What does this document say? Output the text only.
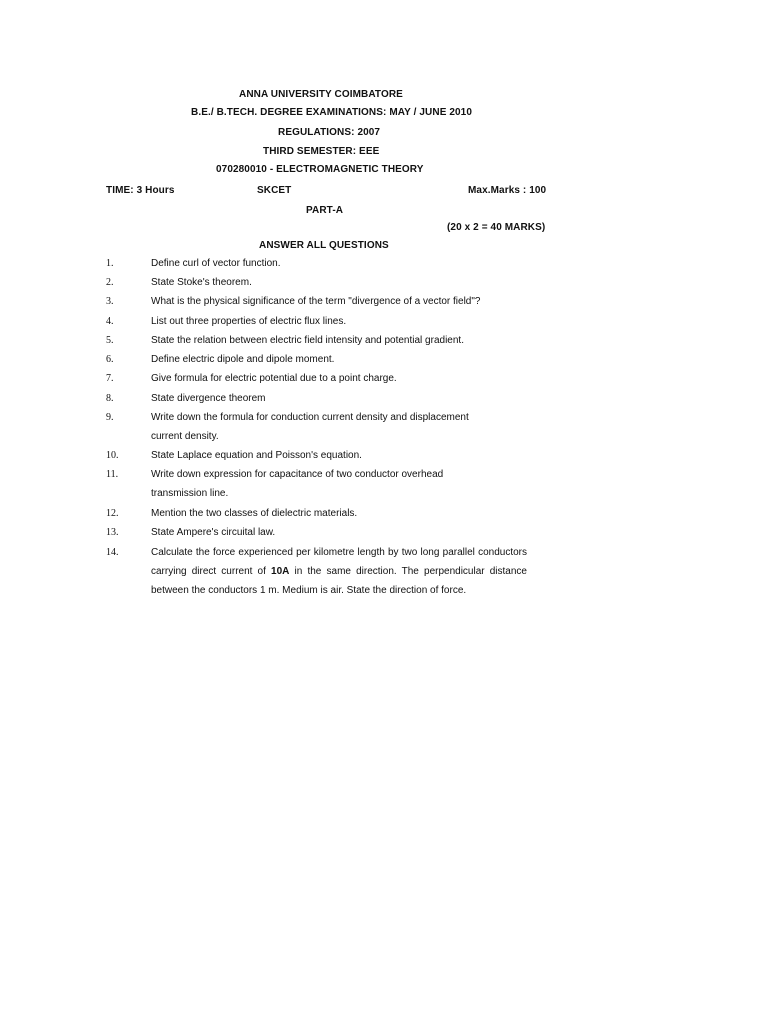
ANNA UNIVERSITY COIMBATORE
B.E./ B.TECH. DEGREE EXAMINATIONS: MAY / JUNE 2010
REGULATIONS: 2007
THIRD SEMESTER: EEE
070280010 - ELECTROMAGNETIC THEORY
TIME: 3 Hours	SKCET	Max.Marks : 100
PART-A
(20 x 2 = 40 MARKS)
ANSWER ALL QUESTIONS
1.	Define curl of vector function.
2.	State Stoke's theorem.
3.	What is the physical significance of the term "divergence of a vector field"?
4.	List out three properties of electric flux lines.
5.	State the relation between electric field intensity and potential gradient.
6.	Define electric dipole and dipole moment.
7.	Give formula for electric potential due to a point charge.
8.	State divergence theorem
9.	Write down the formula for conduction current density and displacement current density.
10.	State Laplace equation and Poisson's equation.
11.	Write down expression for capacitance of two conductor overhead transmission line.
12.	Mention the two classes of dielectric materials.
13.	State Ampere's circuital law.
14.	Calculate the force experienced per kilometre length by two long parallel conductors carrying direct current of 10A in the same direction. The perpendicular distance between the conductors 1 m. Medium is air. State the direction of force.
